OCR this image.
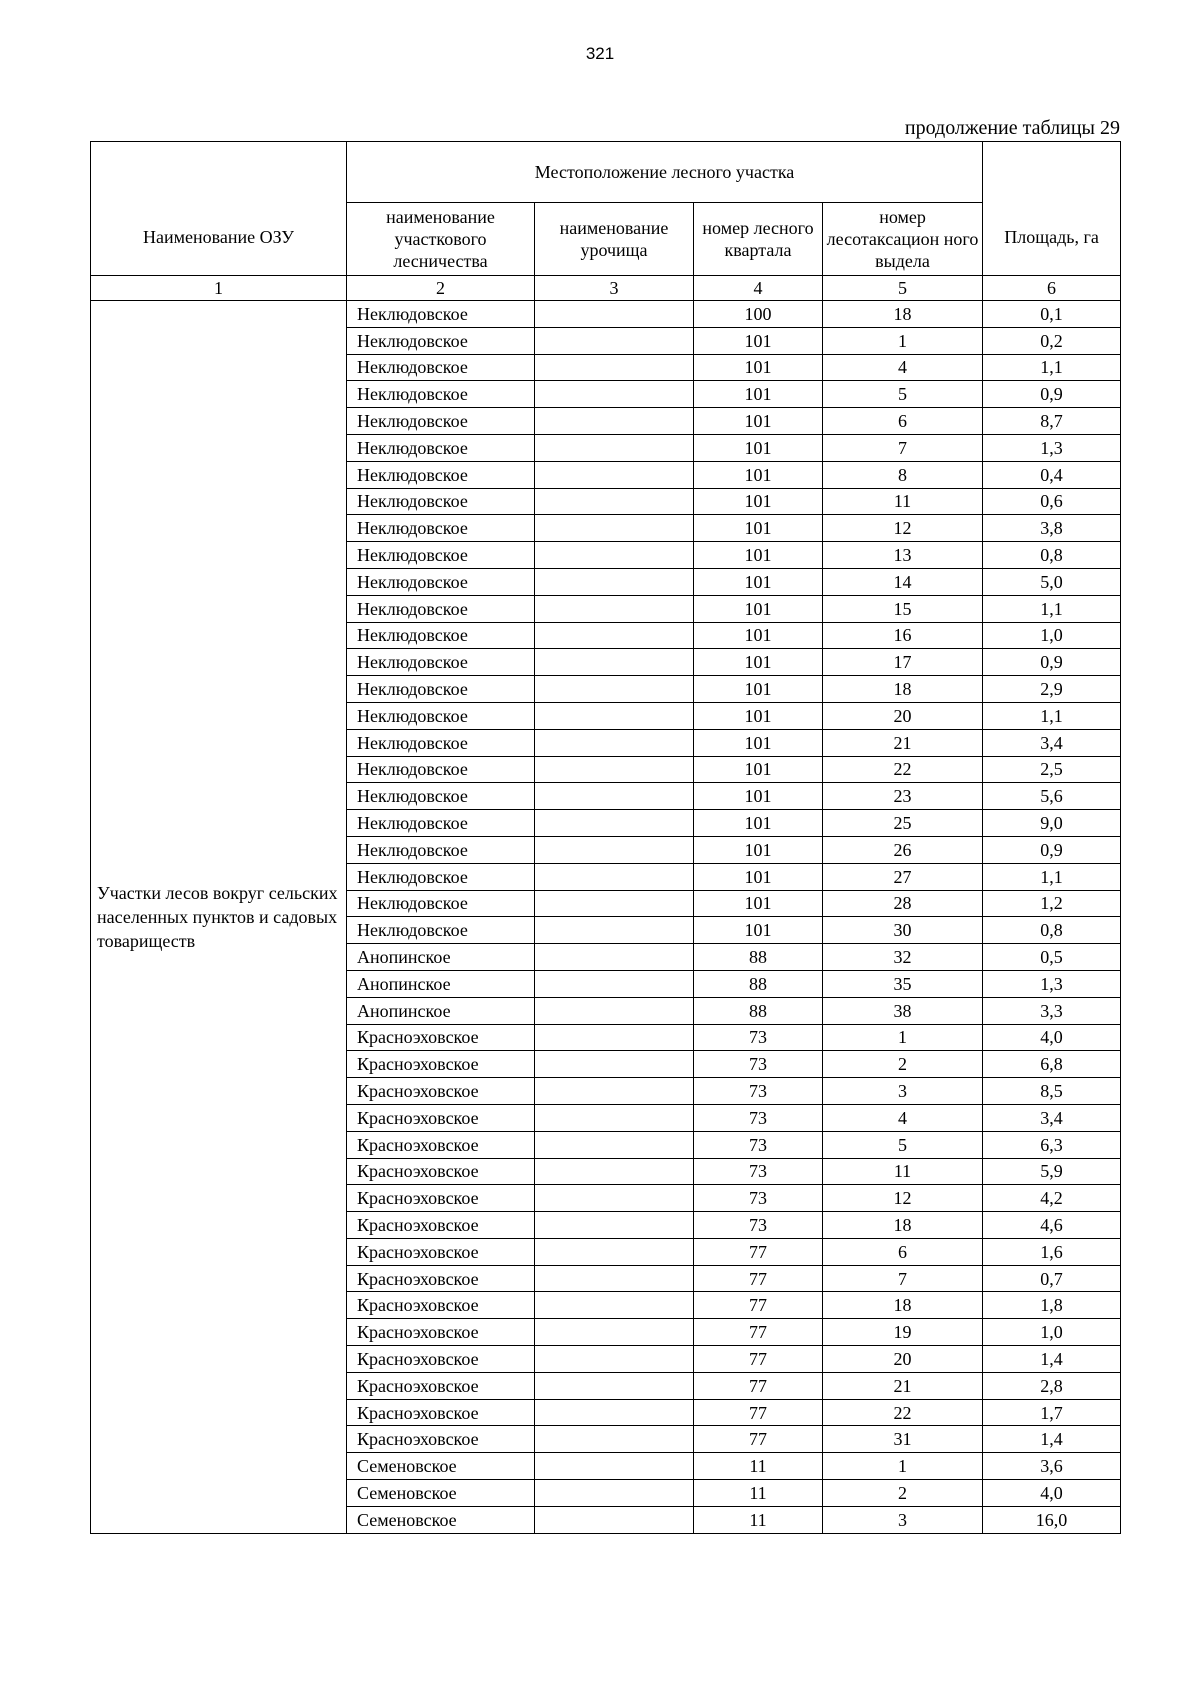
321
продолжение таблицы 29
Наименование ОЗУ	Местоположение лесного участка				Площадь, га
	наименование участкового лесничества	наименование урочища	номер лесного квартала	номер лесотаксацион ного выдела	
1	2	3	4	5	6
Участки лесов вокруг сельских населенных пунктов и садовых товариществ	Неклюдовское		100	18	0,1
	Неклюдовское		101	1	0,2
	Неклюдовское		101	4	1,1
	Неклюдовское		101	5	0,9
	Неклюдовское		101	6	8,7
	Неклюдовское		101	7	1,3
	Неклюдовское		101	8	0,4
	Неклюдовское		101	11	0,6
	Неклюдовское		101	12	3,8
	Неклюдовское		101	13	0,8
	Неклюдовское		101	14	5,0
	Неклюдовское		101	15	1,1
	Неклюдовское		101	16	1,0
	Неклюдовское		101	17	0,9
	Неклюдовское		101	18	2,9
	Неклюдовское		101	20	1,1
	Неклюдовское		101	21	3,4
	Неклюдовское		101	22	2,5
	Неклюдовское		101	23	5,6
	Неклюдовское		101	25	9,0
	Неклюдовское		101	26	0,9
	Неклюдовское		101	27	1,1
	Неклюдовское		101	28	1,2
	Неклюдовское		101	30	0,8
	Анопинское		88	32	0,5
	Анопинское		88	35	1,3
	Анопинское		88	38	3,3
	Красноэховское		73	1	4,0
	Красноэховское		73	2	6,8
	Красноэховское		73	3	8,5
	Красноэховское		73	4	3,4
	Красноэховское		73	5	6,3
	Красноэховское		73	11	5,9
	Красноэховское		73	12	4,2
	Красноэховское		73	18	4,6
	Красноэховское		77	6	1,6
	Красноэховское		77	7	0,7
	Красноэховское		77	18	1,8
	Красноэховское		77	19	1,0
	Красноэховское		77	20	1,4
	Красноэховское		77	21	2,8
	Красноэховское		77	22	1,7
	Красноэховское		77	31	1,4
	Семеновское		11	1	3,6
	Семеновское		11	2	4,0
	Семеновское		11	3	16,0
